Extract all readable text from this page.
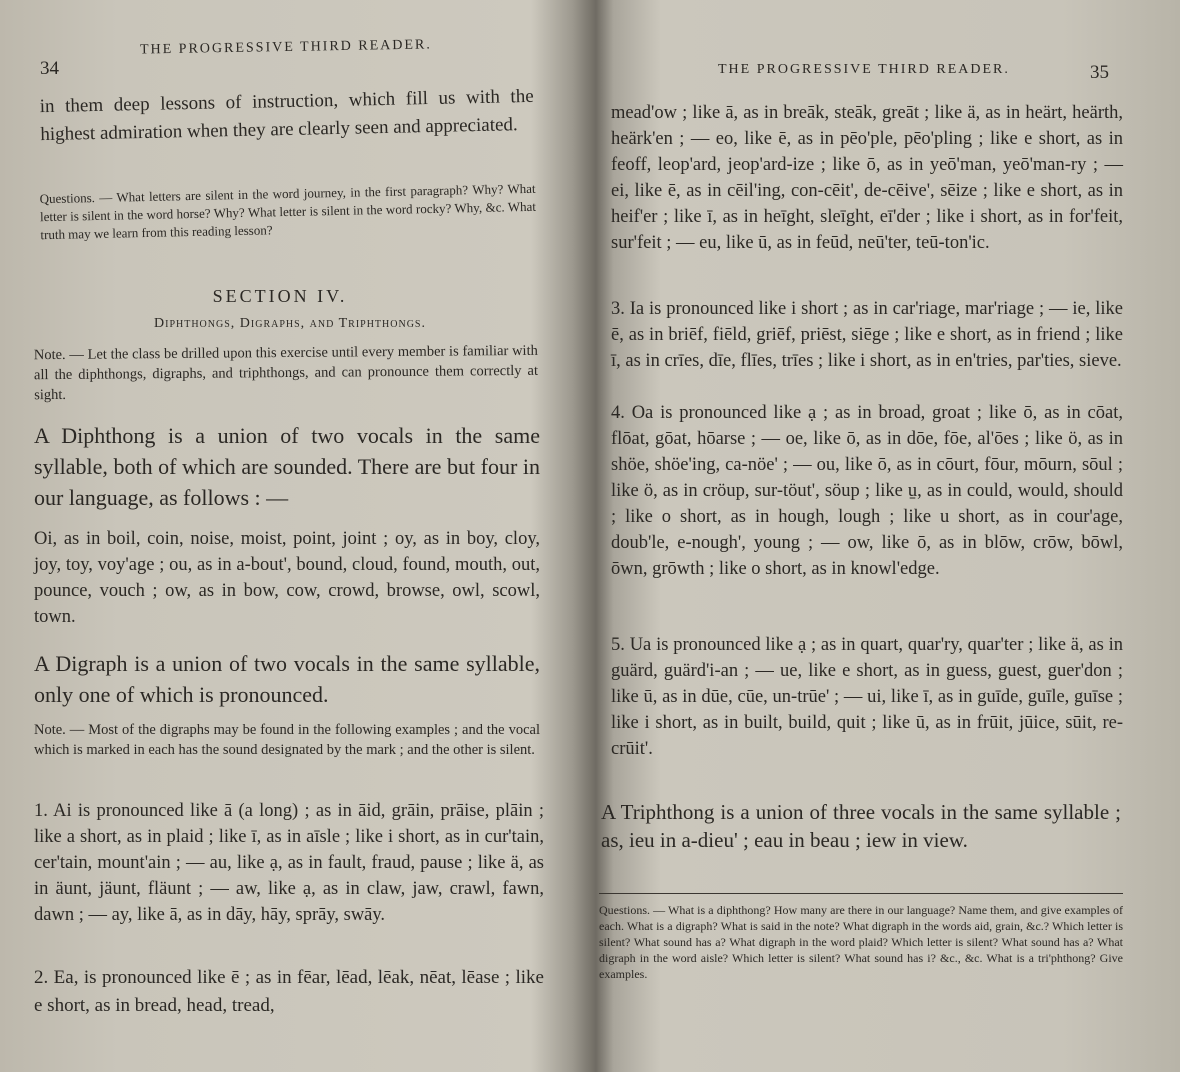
34
THE PROGRESSIVE THIRD READER.

in them deep lessons of instruction, which fill us with the highest admiration when they are clearly seen and appreciated.

Questions. — What letters are silent in the word journey, in the first paragraph? Why? What letter is silent in the word horse? Why? What letter is silent in the word rocky? Why, &c. What truth may we learn from this reading lesson?

SECTION IV.
Diphthongs, Digraphs, and Triphthongs.

Note. — Let the class be drilled upon this exercise until every member is familiar with all the diphthongs, digraphs, and triphthongs, and can pronounce them correctly at sight.

A Diphthong is a union of two vocals in the same syllable, both of which are sounded. There are but four in our language, as follows : —

Oi, as in boil, coin, noise, moist, point, joint ; oy, as in boy, cloy, joy, toy, voy'age ; ou, as in a-bout', bound, cloud, found, mouth, out, pounce, vouch ; ow, as in bow, cow, crowd, browse, owl, scowl, town.

A Digraph is a union of two vocals in the same syllable, only one of which is pronounced.

Note. — Most of the digraphs may be found in the following examples ; and the vocal which is marked in each has the sound designated by the mark ; and the other is silent.

1. Ai is pronounced like ā (a long) ; as in āid, grāin, prāise, plāin ; like a short, as in plaid ; like ī, as in aīsle ; like i short, as in cur'tain, cer'tain, mount'ain ; — au, like ạ, as in fault, fraud, pause ; like ä, as in äunt, jäunt, fläunt ; — aw, like ạ, as in claw, jaw, crawl, fawn, dawn ; — ay, like ā, as in dāy, hāy, sprāy, swāy.

2. Ea, is pronounced like ē ; as in fēar, lēad, lēak, nēat, lēase ; like e short, as in bread, head, tread,

THE PROGRESSIVE THIRD READER.	35

mead'ow ; like ā, as in breāk, steāk, greāt ; like ä, as in heärt, heärth, heärk'en ; — eo, like ē, as in pēo'ple, pēo'pling ; like e short, as in feoff, leop'ard, jeop'ard-ize ; like ō, as in yeō'man, yeō'man-ry ; — ei, like ē, as in cēil'ing, con-cēit', de-cēive', sēize ; like e short, as in heif'er ; like ī, as in heīght, sleīght, eī'der ; like i short, as in for'feit, sur'feit ; — eu, like ū, as in feūd, neū'ter, teū-ton'ic.

3. Ia is pronounced like i short ; as in car'riage, mar'riage ; — ie, like ē, as in briēf, fiēld, griēf, priēst, siēge ; like e short, as in friend ; like ī, as in crīes, dīe, flīes, trīes ; like i short, as in en'tries, par'ties, sieve.

4. Oa is pronounced like ạ ; as in broad, groat ; like ō, as in cōat, flōat, gōat, hōarse ; — oe, like ō, as in dōe, fōe, al'ōes ; like ö, as in shöe, shöe'ing, ca-nöe' ; — ou, like ō, as in cōurt, fōur, mōurn, sōul ; like ö, as in cröup, sur-töut', söup ; like u̱, as in could, would, should ; like o short, as in hough, lough ; like u short, as in cour'age, doub'le, e-nough', young ; — ow, like ō, as in blōw, crōw, bōwl, ōwn, grōwth ; like o short, as in knowl'edge.

5. Ua is pronounced like ạ ; as in quart, quar'ry, quar'ter ; like ä, as in guärd, guärd'i-an ; — ue, like e short, as in guess, guest, guer'don ; like ū, as in dūe, cūe, un-trūe' ; — ui, like ī, as in guīde, guīle, guīse ; like i short, as in built, build, quit ; like ū, as in frūit, jūice, sūit, re-crūit'.

A Triphthong is a union of three vocals in the same syllable ; as, ieu in a-dieu' ; eau in beau ; iew in view.

Questions. — What is a diphthong? How many are there in our language? Name them, and give examples of each. What is a digraph? What is said in the note? What digraph in the words aid, grain, &c.? Which letter is silent? What sound has a? What digraph in the word plaid? Which letter is silent? What sound has a? What digraph in the word aisle? Which letter is silent? What sound has i? &c., &c. What is a tri'phthong? Give examples.
